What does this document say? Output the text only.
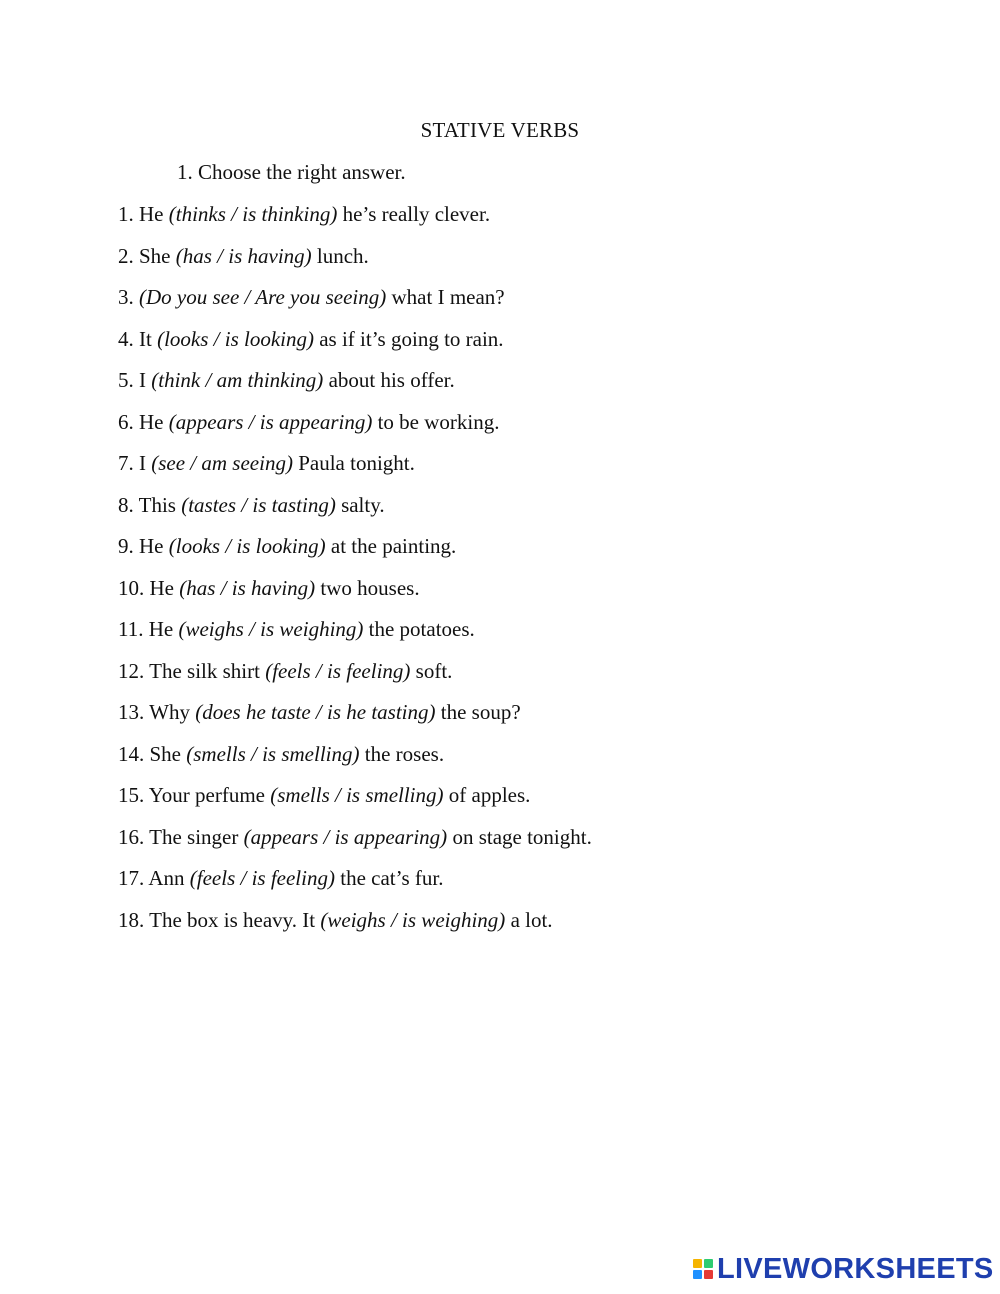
STATIVE VERBS
1. Choose the right answer.
1. He (thinks / is thinking) he’s really clever.
2. She (has / is having) lunch.
3. (Do you see / Are you seeing) what I mean?
4. It (looks / is looking) as if it’s going to rain.
5. I (think / am thinking) about his offer.
6. He (appears / is appearing) to be working.
7. I (see / am seeing) Paula tonight.
8. This (tastes / is tasting) salty.
9. He (looks / is looking) at the painting.
10. He (has / is having) two houses.
11. He (weighs / is weighing) the potatoes.
12. The silk shirt (feels / is feeling) soft.
13. Why (does he taste / is he tasting) the soup?
14. She (smells / is smelling) the roses.
15. Your perfume (smells / is smelling) of apples.
16. The singer (appears / is appearing) on stage tonight.
17. Ann (feels / is feeling) the cat’s fur.
18. The box is heavy. It (weighs / is weighing) a lot.
LIVEWORKSHEETS
